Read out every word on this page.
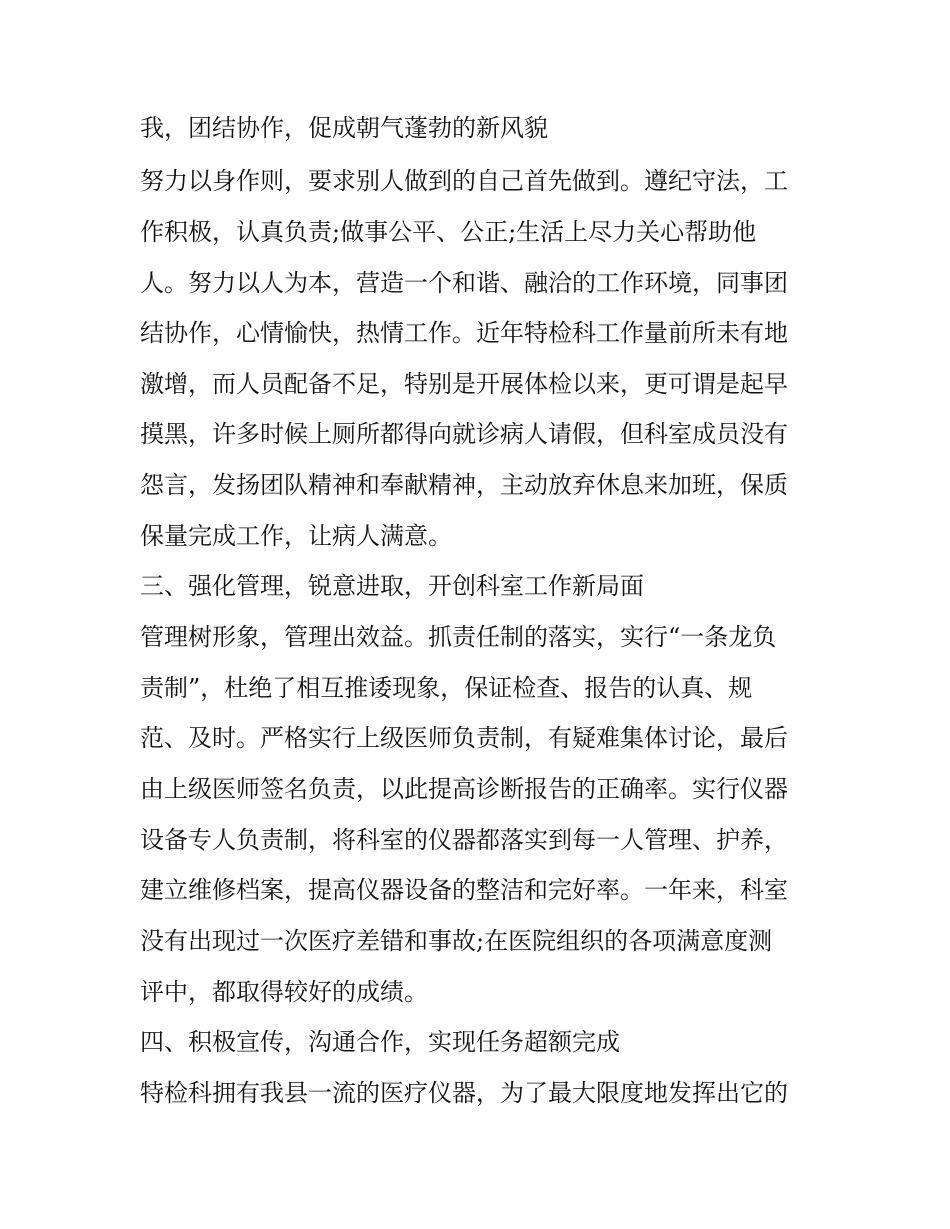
我，团结协作，促成朝气蓬勃的新风貌
努力以身作则，要求别人做到的自己首先做到。遵纪守法，工
作积极，认真负责;做事公平、公正;生活上尽力关心帮助他
人。努力以人为本，营造一个和谐、融洽的工作环境，同事团
结协作，心情愉快，热情工作。近年特检科工作量前所未有地
激增，而人员配备不足，特别是开展体检以来，更可谓是起早
摸黑，许多时候上厕所都得向就诊病人请假，但科室成员没有
怨言，发扬团队精神和奉献精神，主动放弃休息来加班，保质
保量完成工作，让病人满意。
三、强化管理，锐意进取，开创科室工作新局面
管理树形象，管理出效益。抓责任制的落实，实行“一条龙负
责制”，杜绝了相互推诿现象，保证检查、报告的认真、规
范、及时。严格实行上级医师负责制，有疑难集体讨论，最后
由上级医师签名负责，以此提高诊断报告的正确率。实行仪器
设备专人负责制，将科室的仪器都落实到每一人管理、护养，
建立维修档案，提高仪器设备的整洁和完好率。一年来，科室
没有出现过一次医疗差错和事故;在医院组织的各项满意度测
评中，都取得较好的成绩。
四、积极宣传，沟通合作，实现任务超额完成
特检科拥有我县一流的医疗仪器，为了最大限度地发挥出它的
